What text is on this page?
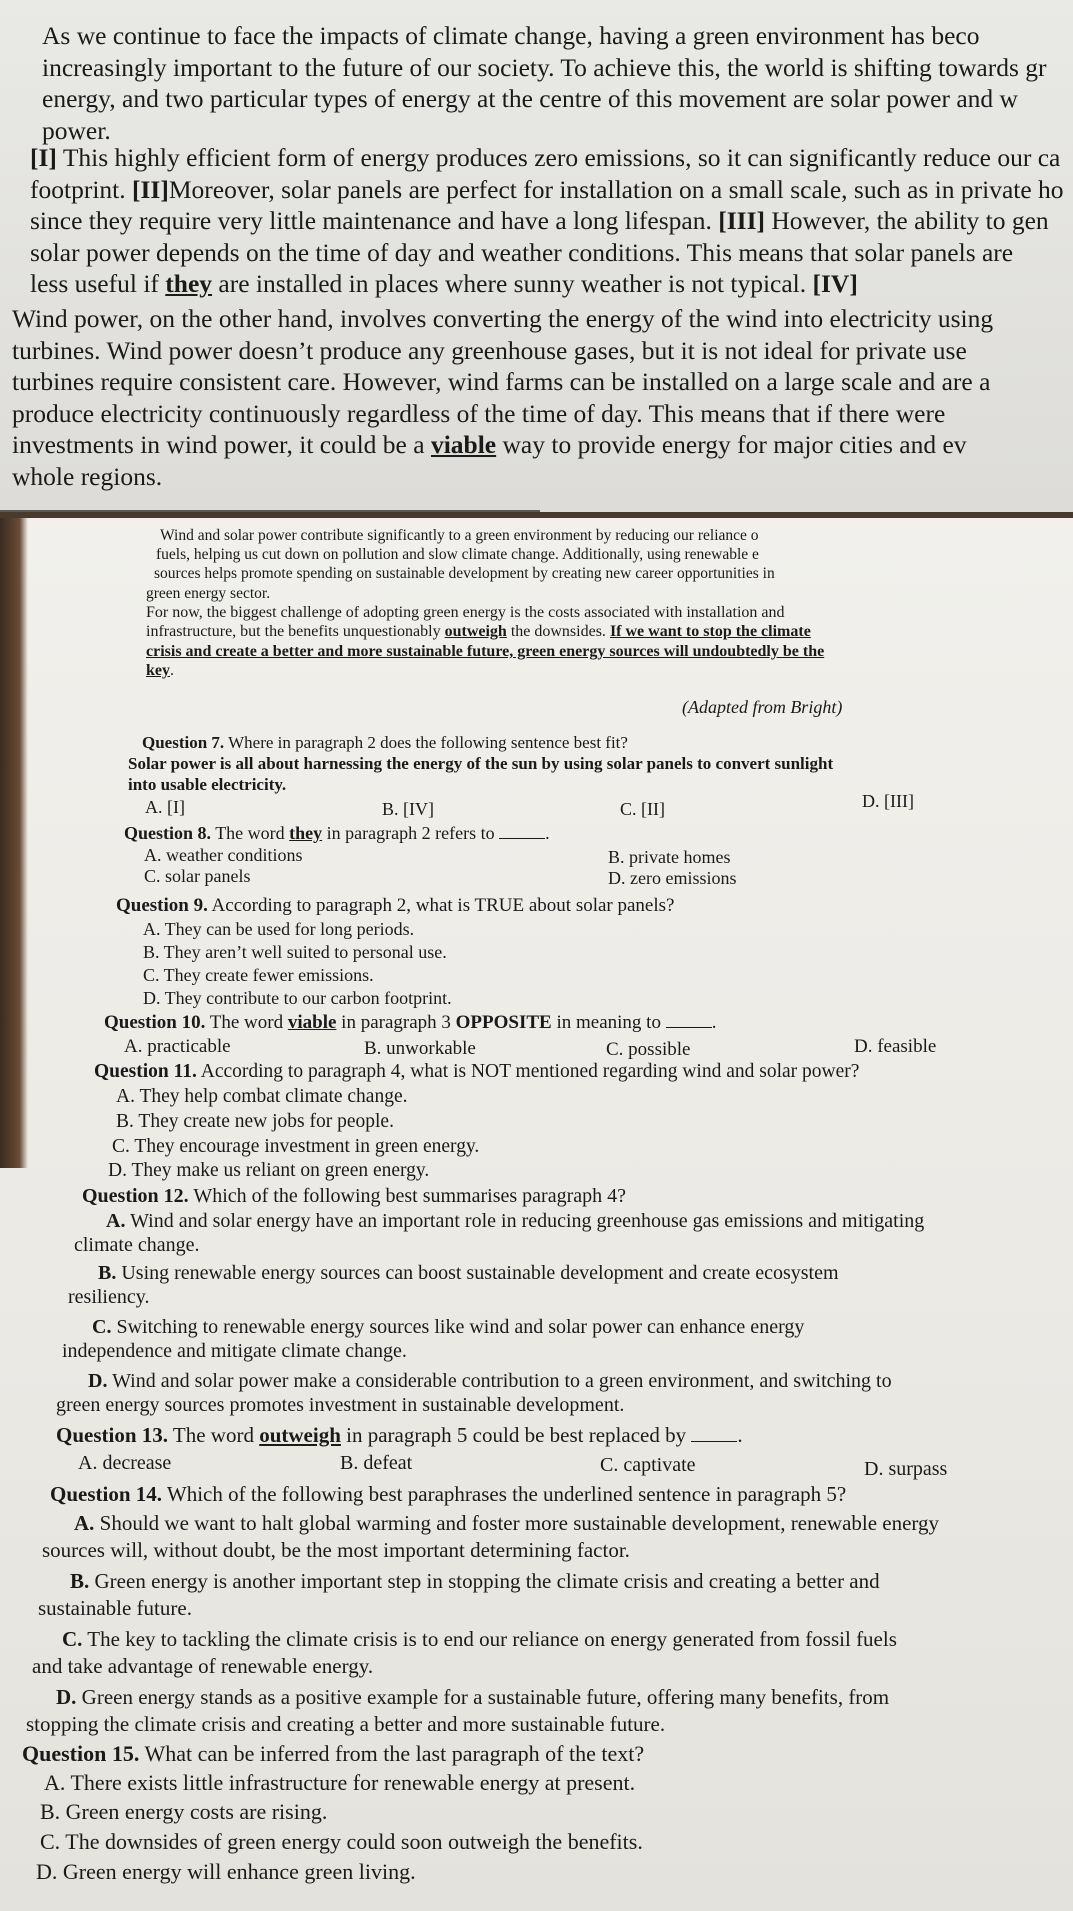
As we continue to face the impacts of climate change, having a green environment has beco
increasingly important to the future of our society. To achieve this, the world is shifting towards gr
energy, and two particular types of energy at the centre of this movement are solar power and w
power.
[I] This highly efficient form of energy produces zero emissions, so it can significantly reduce our ca
footprint. [II]Moreover, solar panels are perfect for installation on a small scale, such as in private ho
since they require very little maintenance and have a long lifespan. [III] However, the ability to gen
solar power depends on the time of day and weather conditions. This means that solar panels are
less useful if they are installed in places where sunny weather is not typical. [IV]
Wind power, on the other hand, involves converting the energy of the wind into electricity using
turbines. Wind power doesn’t produce any greenhouse gases, but it is not ideal for private use
turbines require consistent care. However, wind farms can be installed on a large scale and are a
produce electricity continuously regardless of the time of day. This means that if there were
investments in wind power, it could be a viable way to provide energy for major cities and ev
whole regions.
Wind and solar power contribute significantly to a green environment by reducing our reliance o
fuels, helping us cut down on pollution and slow climate change. Additionally, using renewable e
sources helps promote spending on sustainable development by creating new career opportunities in
green energy sector.
For now, the biggest challenge of adopting green energy is the costs associated with installation and
infrastructure, but the benefits unquestionably outweigh the downsides. If we want to stop the climate
crisis and create a better and more sustainable future, green energy sources will undoubtedly be the
key.
(Adapted from Bright)
Question 7. Where in paragraph 2 does the following sentence best fit?
Solar power is all about harnessing the energy of the sun by using solar panels to convert sunlight
into usable electricity.
A. [I]	B. [IV]	C. [II]	D. [III]
Question 8. The word they in paragraph 2 refers to	.
A. weather conditions	B. private homes
C. solar panels	D. zero emissions
Question 9. According to paragraph 2, what is TRUE about solar panels?
A. They can be used for long periods.
B. They aren’t well suited to personal use.
C. They create fewer emissions.
D. They contribute to our carbon footprint.
Question 10. The word viable in paragraph 3 OPPOSITE in meaning to .
A. practicable	B. unworkable	C. possible	D. feasible
Question 11. According to paragraph 4, what is NOT mentioned regarding wind and solar power?
A. They help combat climate change.
B. They create new jobs for people.
C. They encourage investment in green energy.
D. They make us reliant on green energy.
Question 12. Which of the following best summarises paragraph 4?
A. Wind and solar energy have an important role in reducing greenhouse gas emissions and mitigating
climate change.
B. Using renewable energy sources can boost sustainable development and create ecosystem
resiliency.
C. Switching to renewable energy sources like wind and solar power can enhance energy
independence and mitigate climate change.
D. Wind and solar power make a considerable contribution to a green environment, and switching to
green energy sources promotes investment in sustainable development.
Question 13. The word outweigh in paragraph 5 could be best replaced by .
A. decrease	B. defeat	C. captivate	D. surpass
Question 14. Which of the following best paraphrases the underlined sentence in paragraph 5?
A. Should we want to halt global warming and foster more sustainable development, renewable energy
sources will, without doubt, be the most important determining factor.
B. Green energy is another important step in stopping the climate crisis and creating a better and
sustainable future.
C. The key to tackling the climate crisis is to end our reliance on energy generated from fossil fuels
and take advantage of renewable energy.
D. Green energy stands as a positive example for a sustainable future, offering many benefits, from
stopping the climate crisis and creating a better and more sustainable future.
Question 15. What can be inferred from the last paragraph of the text?
A. There exists little infrastructure for renewable energy at present.
B. Green energy costs are rising.
C. The downsides of green energy could soon outweigh the benefits.
D. Green energy will enhance green living.
